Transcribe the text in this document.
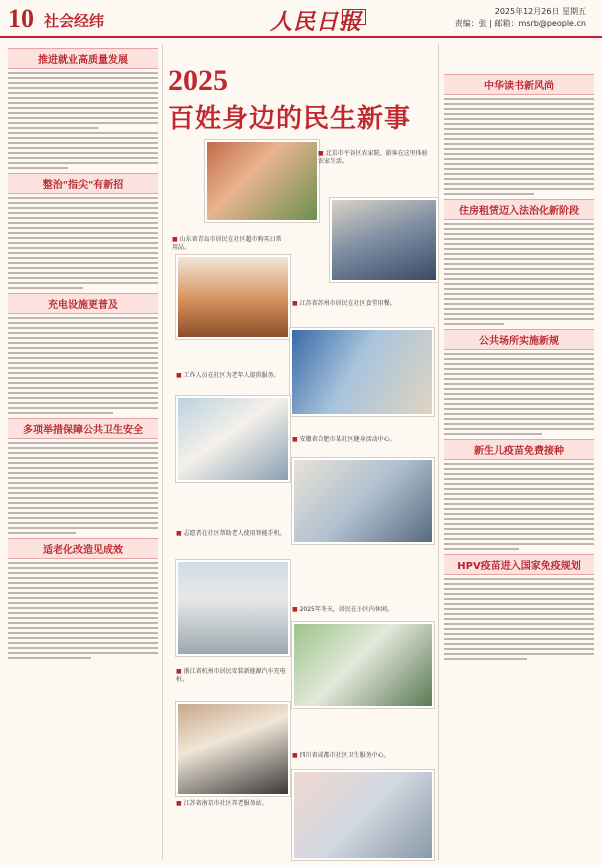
10 社会经纬	人民日报	2025年12月26日 星期五
责编：张 | 邮箱：msrb@people.cn
推进就业高质量发展
整治"指尖"有新招
充电设施更普及
多项举措保障公共卫生安全
适老化改造见成效
2025
百姓身边的民生新事
■ 北京市平谷区农家院，游客在这里体验农家生活。
■ 山东省青岛市居民在社区超市购买日常用品。
■ 江苏省苏州市居民在社区食堂用餐。
■ 工作人员在社区为老年人提供服务。
■ 安徽省合肥市某社区健身活动中心。
■ 志愿者在社区帮助老人使用智能手机。
■ 2025年冬天，居民在小区内休闲。
■ 浙江省杭州市居民安装新能源汽车充电桩。
■ 四川省成都市社区卫生服务中心。
■ 江苏省南京市社区养老服务站。
中华读书新风尚
住房租赁迈入法治化新阶段
公共场所实施新规
新生儿疫苗免费接种
HPV疫苗进入国家免疫规划
